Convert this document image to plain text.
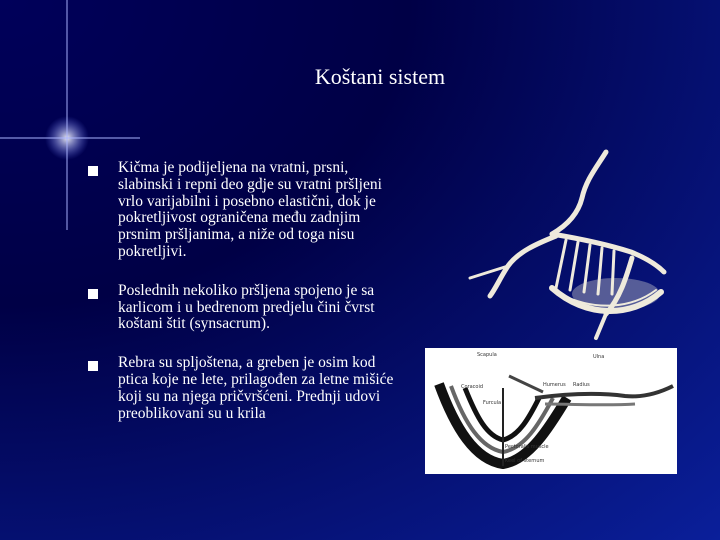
Koštani sistem
Kičma je podijeljena na vratni, prsni, slabinski i repni deo gdje su vratni pršljeni vrlo varijabilni i posebno elastični, dok je pokretljivost ograničena među zadnjim prsnim pršljanima, a niže od toga nisu pokretljivi.
Poslednih nekoliko pršljena spojeno je sa karlicom i u bedrenom predjelu čini čvrst koštani štit (synsacrum).
Rebra su spljoštena, a greben je osim kod ptica koje ne lete, prilagođen za letne mišiće koji su na njega pričvršćeni. Prednji udovi preoblikovani su u krila
Scapula
Coracoid	Humerus Radius
Ulna
Furcula
Pectoralis muscle
Keel of sternum
